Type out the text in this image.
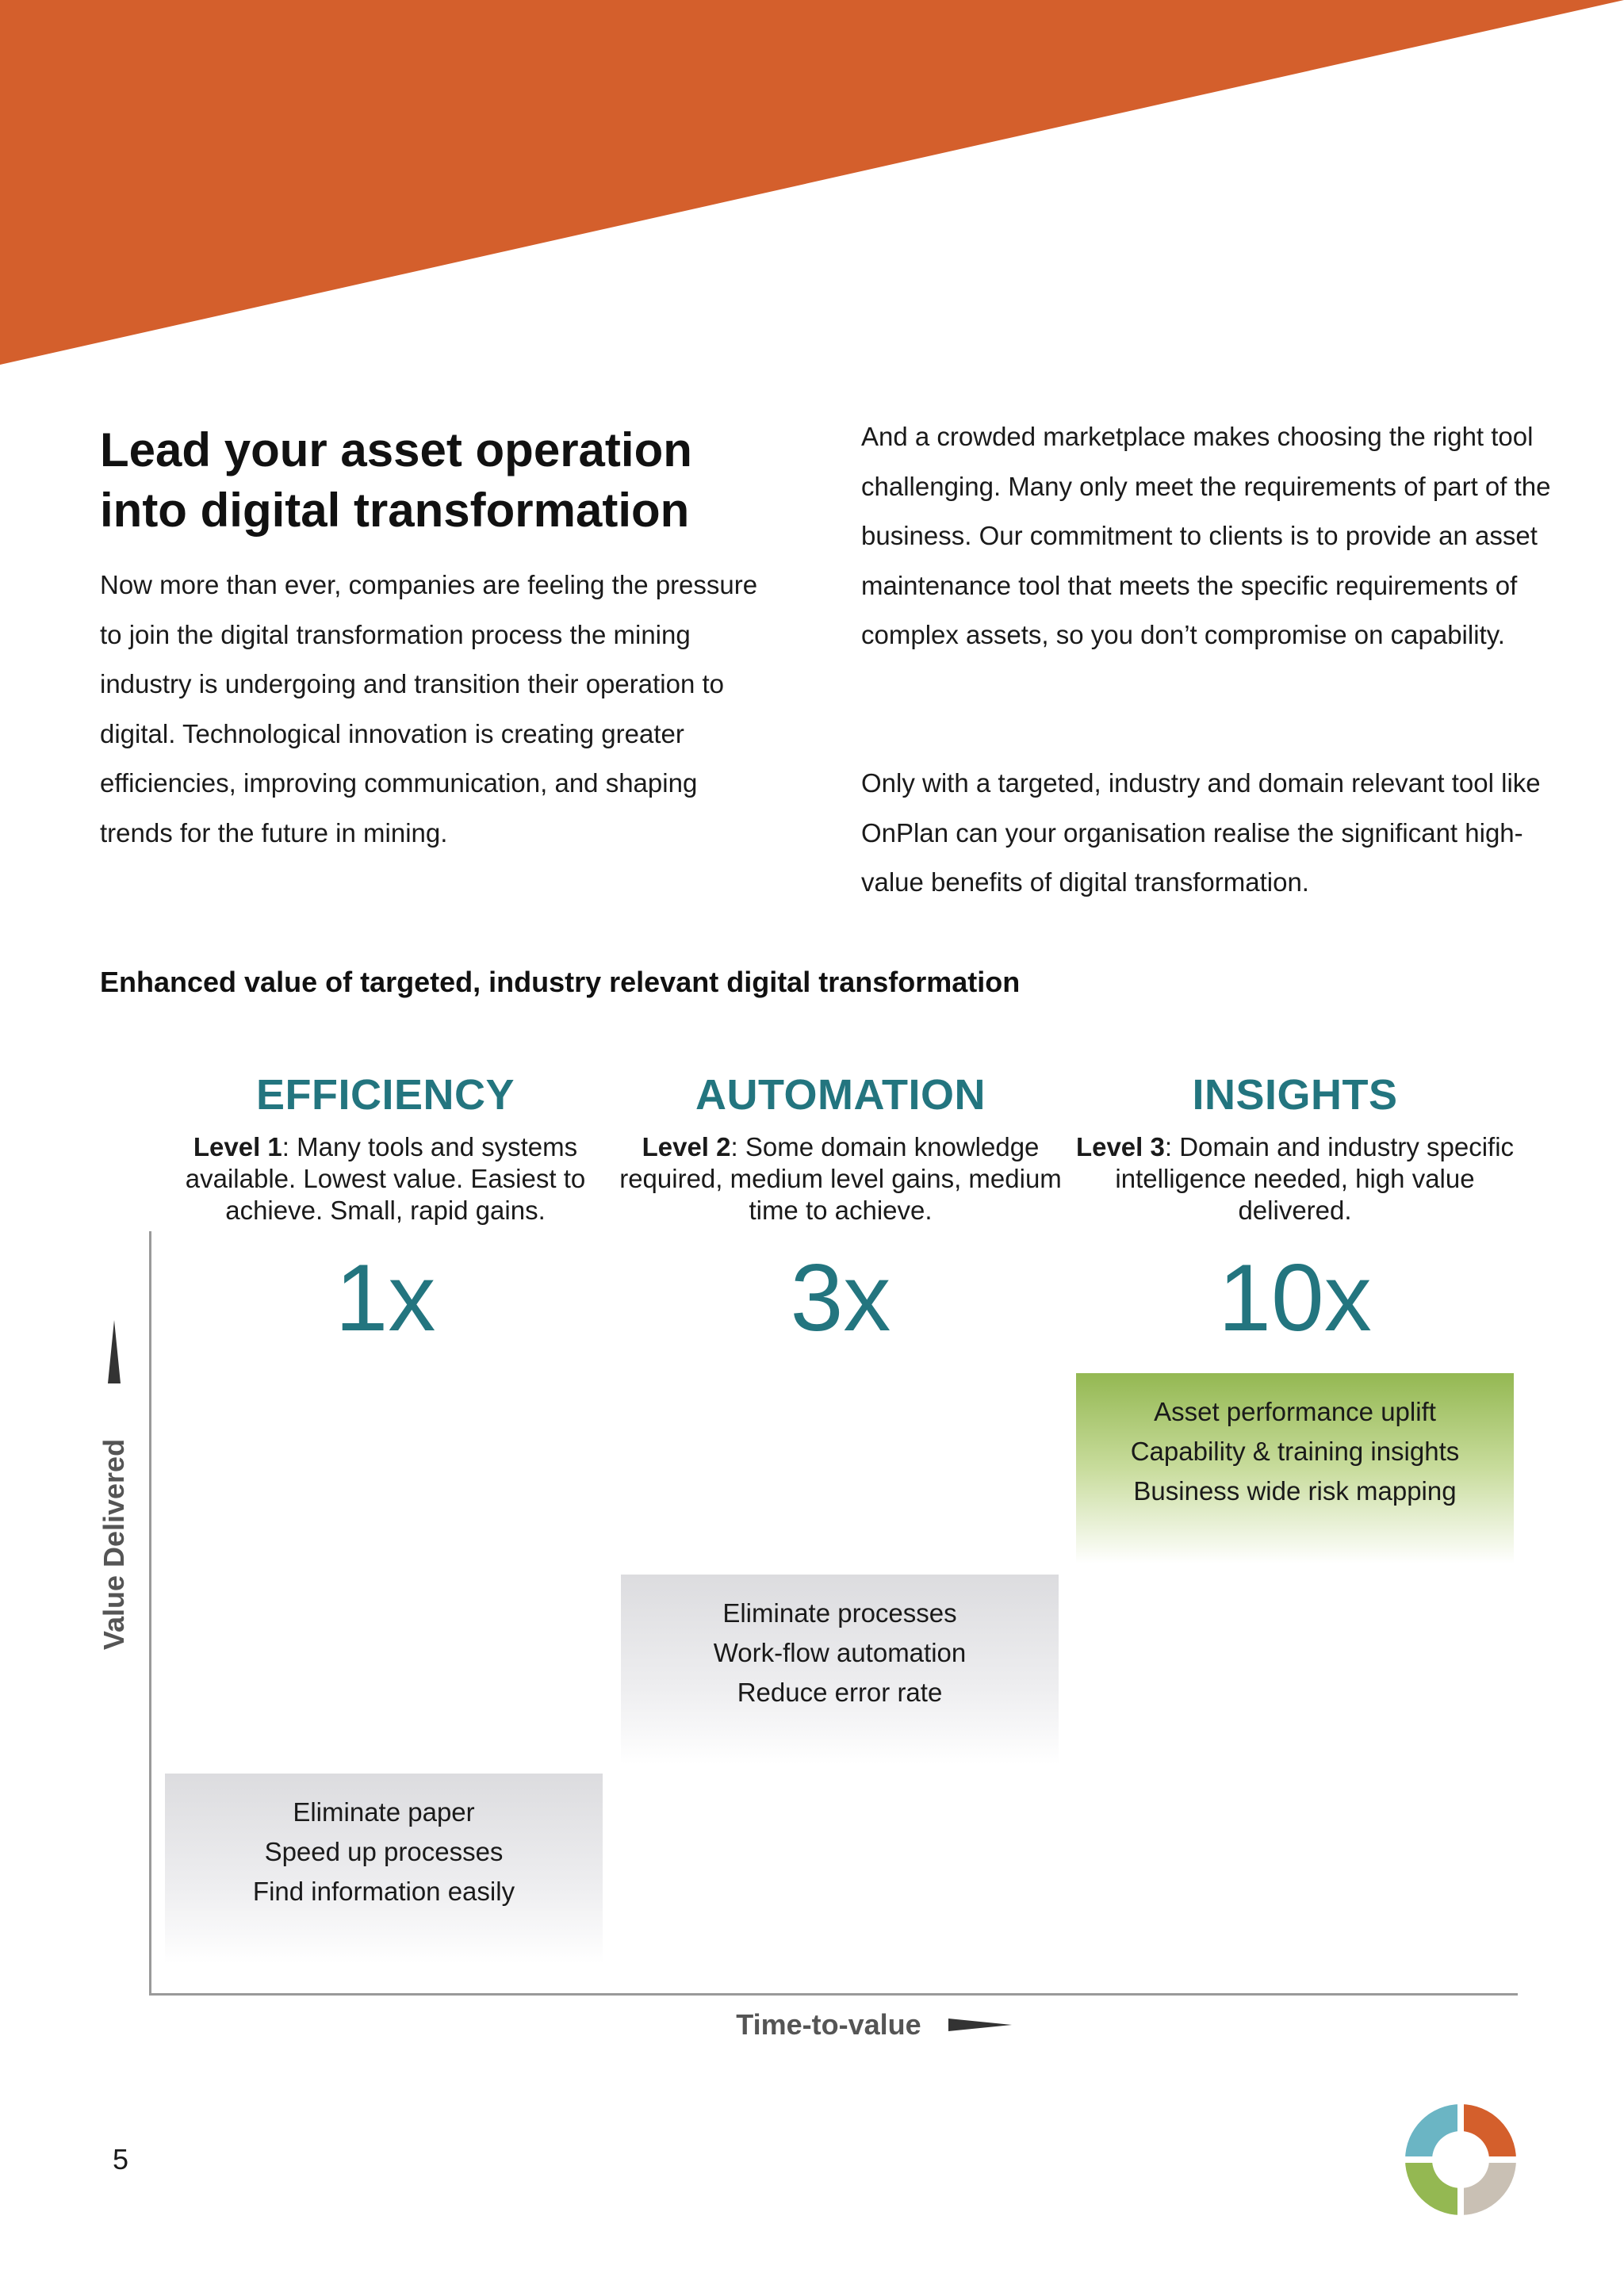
Lead your asset operation
into digital transformation

Now more than ever, companies are feeling the pressure to join the digital transformation process the mining industry is undergoing and transition their operation to digital. Technological innovation is creating greater efficiencies, improving communication, and shaping trends for the future in mining.

And a crowded marketplace makes choosing the right tool challenging. Many only meet the requirements of part of the business. Our commitment to clients is to provide an asset maintenance tool that meets the specific requirements of complex assets, so you don’t compromise on capability.

Only with a targeted, industry and domain relevant tool like OnPlan can your organisation realise the significant high-value benefits of digital transformation.

Enhanced value of targeted, industry relevant digital transformation
EFFICIENCY
Level 1: Many tools and systems available. Lowest value. Easiest to achieve. Small, rapid gains.
1x
AUTOMATION
Level 2: Some domain knowledge required, medium level gains, medium time to achieve.
3x
INSIGHTS
Level 3: Domain and industry specific intelligence needed, high value delivered.
10x
Eliminate paper
Speed up processes
Find information easily
Eliminate processes
Work-flow automation
Reduce error rate
Asset performance uplift
Capability & training insights
Business wide risk mapping
Value Delivered
Time-to-value
5
